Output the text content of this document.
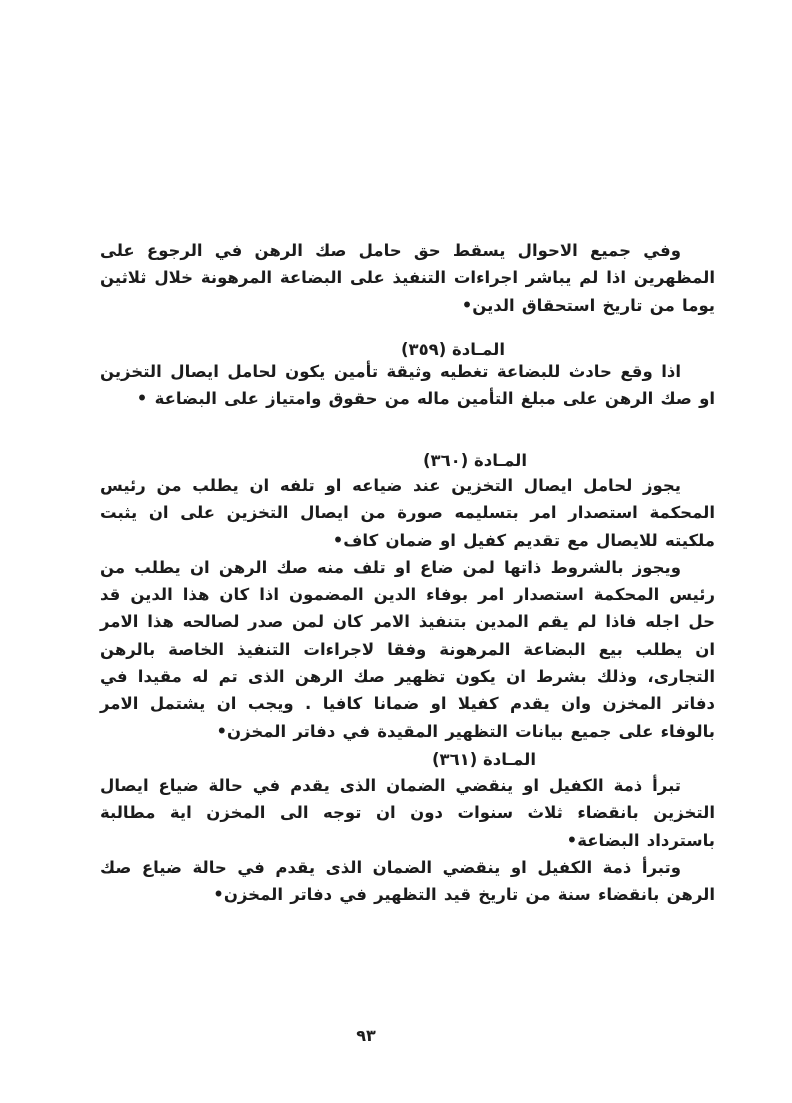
وفي جميع الاحوال يسقط حق حامل صك الرهن في الرجوع على المظهرين اذا لم يباشر اجراءات التنفيذ على البضاعة المرهونة خلال ثلاثين يوما من تاريخ استحقاق الدين•

المـادة (٣٥٩)

اذا وقع حادث للبضاعة تغطيه وثيقة تأمين يكون لحامل ايصال التخزين او صك الرهن على مبلغ التأمين ماله من حقوق وامتياز على البضاعة •

المـادة (٣٦٠)

يجوز لحامل ايصال التخزين عند ضياعه او تلفه ان يطلب من رئيس المحكمة استصدار امر بتسليمه صورة من ايصال التخزين على ان يثبت ملكيته للايصال مع تقديم كفيل او ضمان كاف•

ويجوز بالشروط ذاتها لمن ضاع او تلف منه صك الرهن ان يطلب من رئيس المحكمة استصدار امر بوفاء الدين المضمون اذا كان هذا الدين قد حل اجله فاذا لم يقم المدين بتنفيذ الامر كان لمن صدر لصالحه هذا الامر ان يطلب بيع البضاعة المرهونة وفقا لاجراءات التنفيذ الخاصة بالرهن التجارى، وذلك بشرط ان يكون تظهير صك الرهن الذى تم له مقيدا في دفاتر المخزن وان يقدم كفيلا او ضمانا كافيا . ويجب ان يشتمل الامر بالوفاء على جميع بيانات التظهير المقيدة في دفاتر المخزن•

المـادة (٣٦١)

تبرأ ذمة الكفيل او ينقضي الضمان الذى يقدم في حالة ضياع ايصال التخزين بانقضاء ثلاث سنوات دون ان توجه الى المخزن اية مطالبة باسترداد البضاعة•

وتبرأ ذمة الكفيل او ينقضي الضمان الذى يقدم في حالة ضياع صك الرهن بانقضاء سنة من تاريخ قيد التظهير في دفاتر المخزن•

٩٣
